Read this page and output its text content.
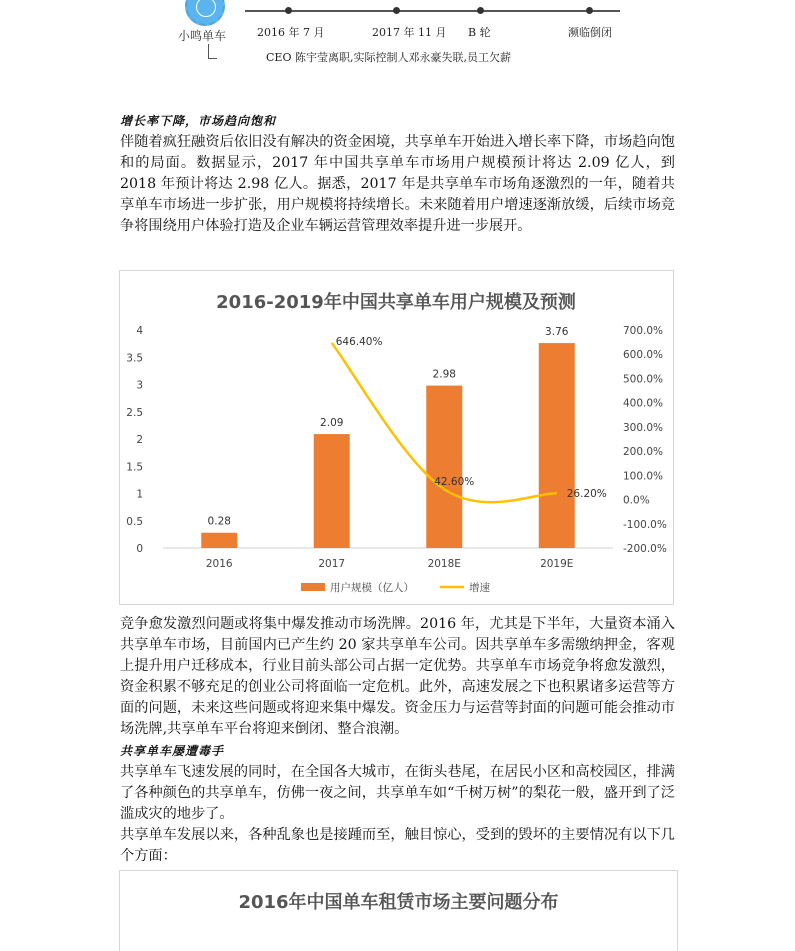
小鸣单车	2016 年 7 月	2017 年 11 月 B 轮	濒临倒闭
CEO 陈宇莹离职,实际控制人邓永豪失联,员工欠薪
增长率下降，市场趋向饱和

伴随着疯狂融资后依旧没有解决的资金困境，共享单车开始进入增长率下降，市场趋向饱和的局面。数据显示，2017 年中国共享单车市场用户规模预计将达 2.09 亿人，到 2018 年预计将达 2.98 亿人。据悉，2017 年是共享单车市场角逐激烈的一年，随着共享单车市场进一步扩张，用户规模将持续增长。未来随着用户增速逐渐放缓，后续市场竞争将围绕用户体验打造及企业车辆运营管理效率提升进一步展开。

2016-2019年中国共享单车用户规模及预测
0
0.5
1
1.5
2
2.5
3
3.5
4
-200.0%
-100.0%
0.0%
100.0%
200.0%
300.0%
400.0%
500.0%
600.0%
700.0%
0.28
2.09
2.98
3.76
646.40%
42.60%
26.20%
2016	2017	2018E	2019E
用户规模（亿人）	增速

竞争愈发激烈问题或将集中爆发推动市场洗牌。2016 年，尤其是下半年，大量资本涌入共享单车市场，目前国内已产生约 20 家共享单车公司。因共享单车多需缴纳押金，客观上提升用户迁移成本，行业目前头部公司占据一定优势。共享单车市场竞争将愈发激烈，资金积累不够充足的创业公司将面临一定危机。此外，高速发展之下也积累诸多运营等方面的问题，未来这些问题或将迎来集中爆发。资金压力与运营等封面的问题可能会推动市场洗牌,共享单车平台将迎来倒闭、整合浪潮。

共享单车屡遭毒手

共享单车飞速发展的同时，在全国各大城市，在街头巷尾，在居民小区和高校园区，排满了各种颜色的共享单车，仿佛一夜之间，共享单车如“千树万树”的梨花一般，盛开到了泛滥成灾的地步了。

共享单车发展以来，各种乱象也是接踵而至，触目惊心，受到的毁坏的主要情况有以下几个方面：

2016年中国单车租赁市场主要问题分布
